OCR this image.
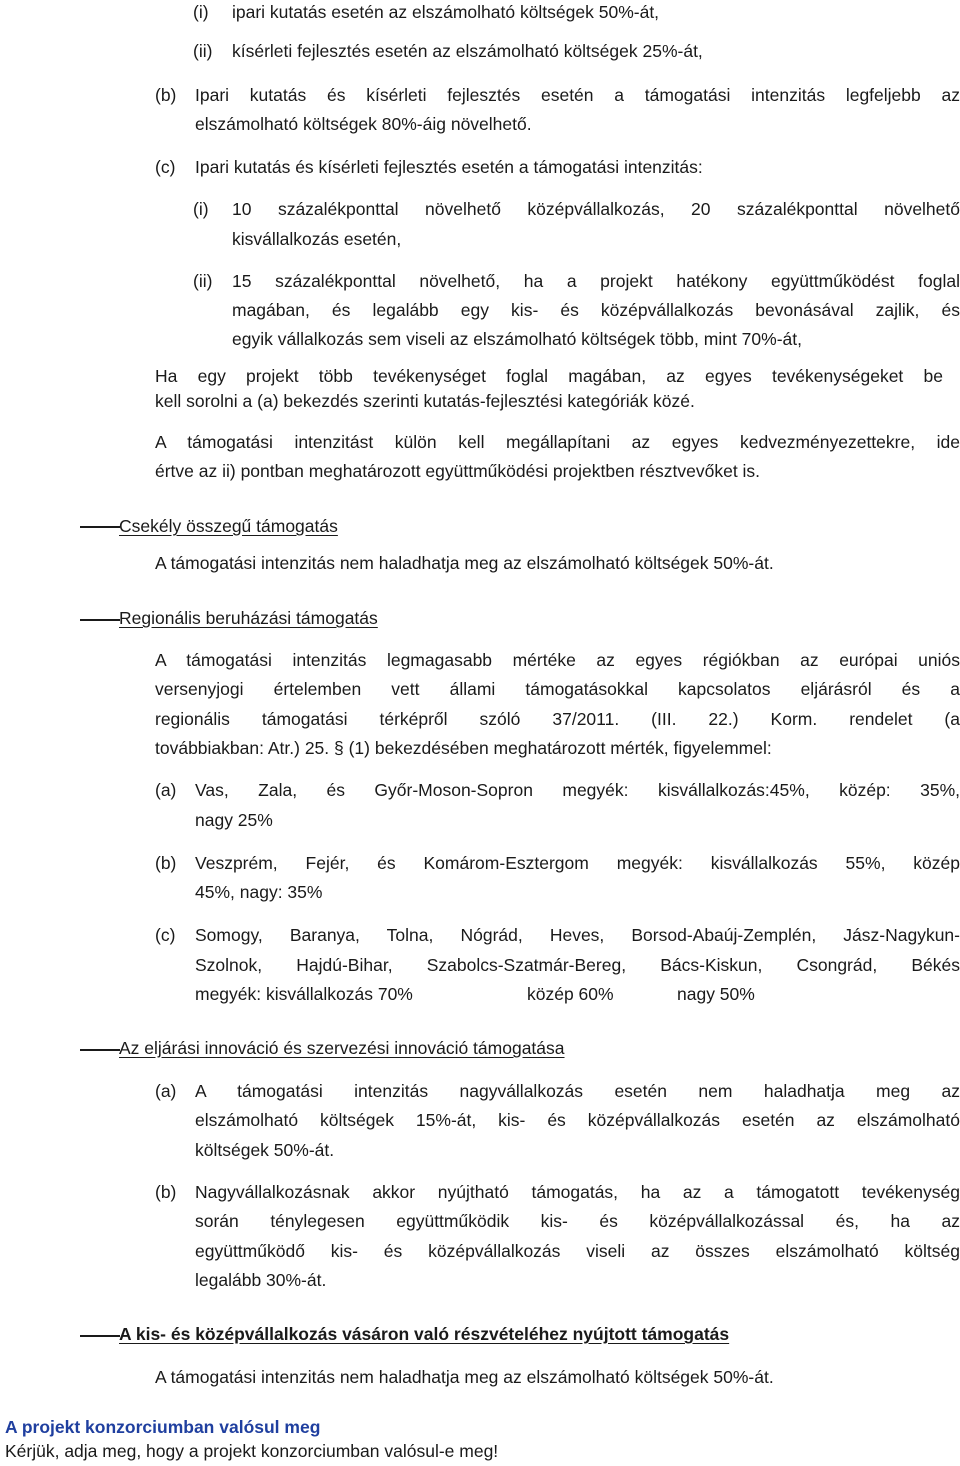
(i) ipari kutatás esetén az elszámolható költségek 50%-át,
(ii) kísérleti fejlesztés esetén az elszámolható költségek 25%-át,
(b) Ipari kutatás és kísérleti fejlesztés esetén a támogatási intenzitás legfeljebb az
elszámolható költségek 80%-áig növelhető.
(c) Ipari kutatás és kísérleti fejlesztés esetén a támogatási intenzitás:
(i) 10 százalékponttal növelhető középvállalkozás, 20 százalékponttal növelhető
kisvállalkozás esetén,
(ii) 15 százalékponttal növelhető, ha a projekt hatékony együttműködést foglal
magában, és legalább egy kis- és középvállalkozás bevonásával zajlik, és
egyik vállalkozás sem viseli az elszámolható költségek több, mint 70%-át,
Ha egy projekt több tevékenységet foglal magában, az egyes tevékenységeket be
kell sorolni a (a) bekezdés szerinti kutatás-fejlesztési kategóriák közé.
A támogatási intenzitást külön kell megállapítani az egyes kedvezményezettekre, ide
értve az ii) pontban meghatározott együttműködési projektben résztvevőket is.
Csekély összegű támogatás
A támogatási intenzitás nem haladhatja meg az elszámolható költségek 50%-át.
Regionális beruházási támogatás
A támogatási intenzitás legmagasabb mértéke az egyes régiókban az európai uniós
versenyjogi értelemben vett állami támogatásokkal kapcsolatos eljárásról és a
regionális támogatási térképről szóló 37/2011. (III. 22.) Korm. rendelet (a
továbbiakban: Atr.) 25. § (1) bekezdésében meghatározott mérték, figyelemmel:
(a) Vas, Zala, és Győr-Moson-Sopron megyék: kisvállalkozás:45%, közép: 35%,
nagy 25%
(b) Veszprém, Fejér, és Komárom-Esztergom megyék: kisvállalkozás 55%, közép
45%, nagy: 35%
(c) Somogy, Baranya, Tolna, Nógrád, Heves, Borsod-Abaúj-Zemplén, Jász-Nagykun-
Szolnok, Hajdú-Bihar, Szabolcs-Szatmár-Bereg, Bács-Kiskun, Csongrád, Békés
megyék: kisvállalkozás 70%	közép 60%	nagy 50%
Az eljárási innováció és szervezési innováció támogatása
(a) A támogatási intenzitás nagyvállalkozás esetén nem haladhatja meg az
elszámolható költségek 15%-át, kis- és középvállalkozás esetén az elszámolható
költségek 50%-át.
(b) Nagyvállalkozásnak akkor nyújtható támogatás, ha az a támogatott tevékenység
során ténylegesen együttműködik kis- és középvállalkozással és, ha az
együttműködő kis- és középvállalkozás viseli az összes elszámolható költség
legalább 30%-át.
A kis- és középvállalkozás vásáron való részvételéhez nyújtott támogatás
A támogatási intenzitás nem haladhatja meg az elszámolható költségek 50%-át.
A projekt konzorciumban valósul meg
Kérjük, adja meg, hogy a projekt konzorciumban valósul-e meg!
